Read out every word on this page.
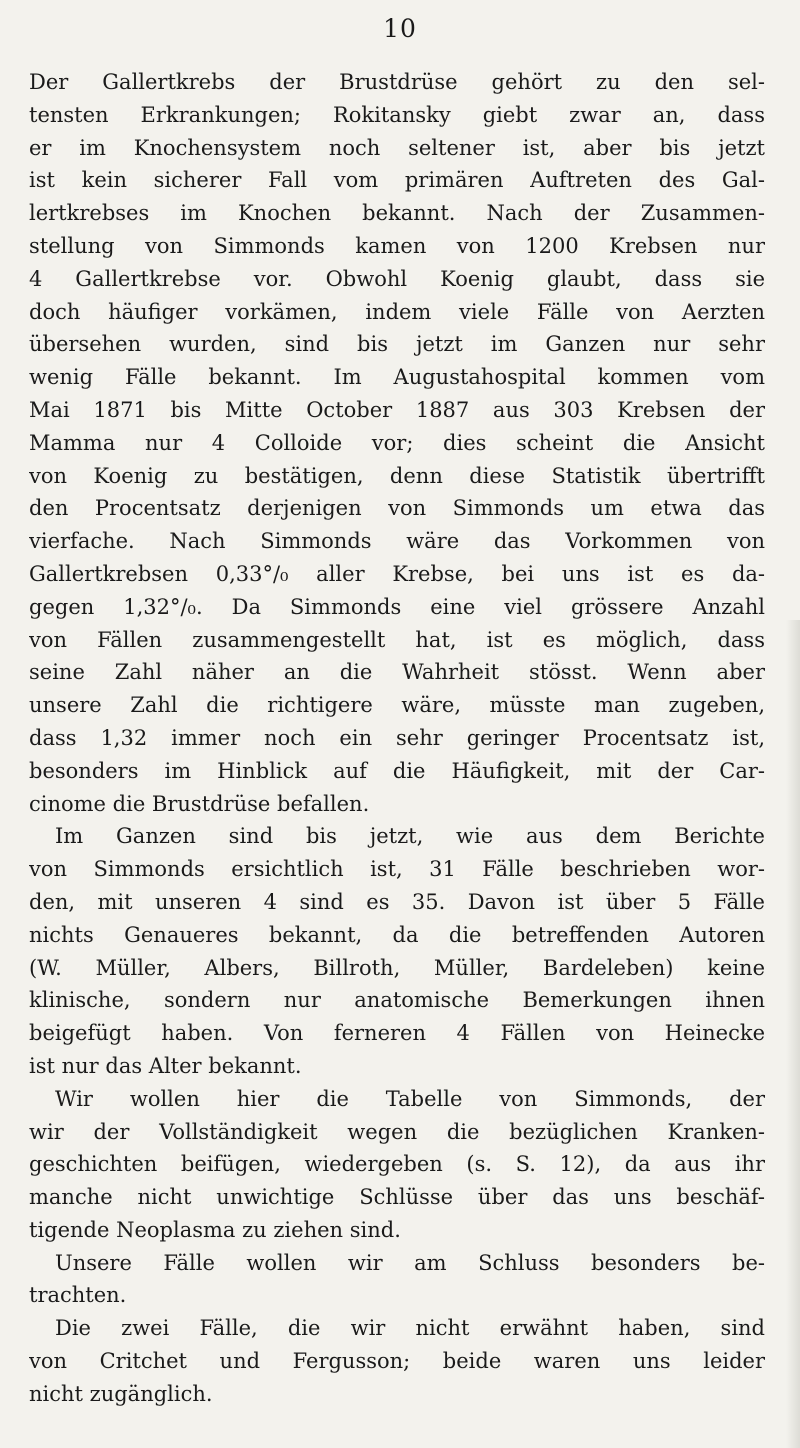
10
Der Gallertkrebs der Brustdrüse gehört zu den sel-
tensten Erkrankungen; Rokitansky giebt zwar an, dass
er im Knochensystem noch seltener ist, aber bis jetzt
ist kein sicherer Fall vom primären Auftreten des Gal-
lertkrebses im Knochen bekannt. Nach der Zusammen-
stellung von Simmonds kamen von 1200 Krebsen nur
4 Gallertkrebse vor. Obwohl Koenig glaubt, dass sie
doch häufiger vorkämen, indem viele Fälle von Aerzten
übersehen wurden, sind bis jetzt im Ganzen nur sehr
wenig Fälle bekannt. Im Augustahospital kommen vom
Mai 1871 bis Mitte October 1887 aus 303 Krebsen der
Mamma nur 4 Colloide vor; dies scheint die Ansicht
von Koenig zu bestätigen, denn diese Statistik übertrifft
den Procentsatz derjenigen von Simmonds um etwa das
vierfache. Nach Simmonds wäre das Vorkommen von
Gallertkrebsen 0,33°/₀ aller Krebse, bei uns ist es da-
gegen 1,32°/₀. Da Simmonds eine viel grössere Anzahl
von Fällen zusammengestellt hat, ist es möglich, dass
seine Zahl näher an die Wahrheit stösst. Wenn aber
unsere Zahl die richtigere wäre, müsste man zugeben,
dass 1,32 immer noch ein sehr geringer Procentsatz ist,
besonders im Hinblick auf die Häufigkeit, mit der Car-
cinome die Brustdrüse befallen.
Im Ganzen sind bis jetzt, wie aus dem Berichte
von Simmonds ersichtlich ist, 31 Fälle beschrieben wor-
den, mit unseren 4 sind es 35. Davon ist über 5 Fälle
nichts Genaueres bekannt, da die betreffenden Autoren
(W. Müller, Albers, Billroth, Müller, Bardeleben) keine
klinische, sondern nur anatomische Bemerkungen ihnen
beigefügt haben. Von ferneren 4 Fällen von Heinecke
ist nur das Alter bekannt.
Wir wollen hier die Tabelle von Simmonds, der
wir der Vollständigkeit wegen die bezüglichen Kranken-
geschichten beifügen, wiedergeben (s. S. 12), da aus ihr
manche nicht unwichtige Schlüsse über das uns beschäf-
tigende Neoplasma zu ziehen sind.
Unsere Fälle wollen wir am Schluss besonders be-
trachten.
Die zwei Fälle, die wir nicht erwähnt haben, sind
von Critchet und Fergusson; beide waren uns leider
nicht zugänglich.
